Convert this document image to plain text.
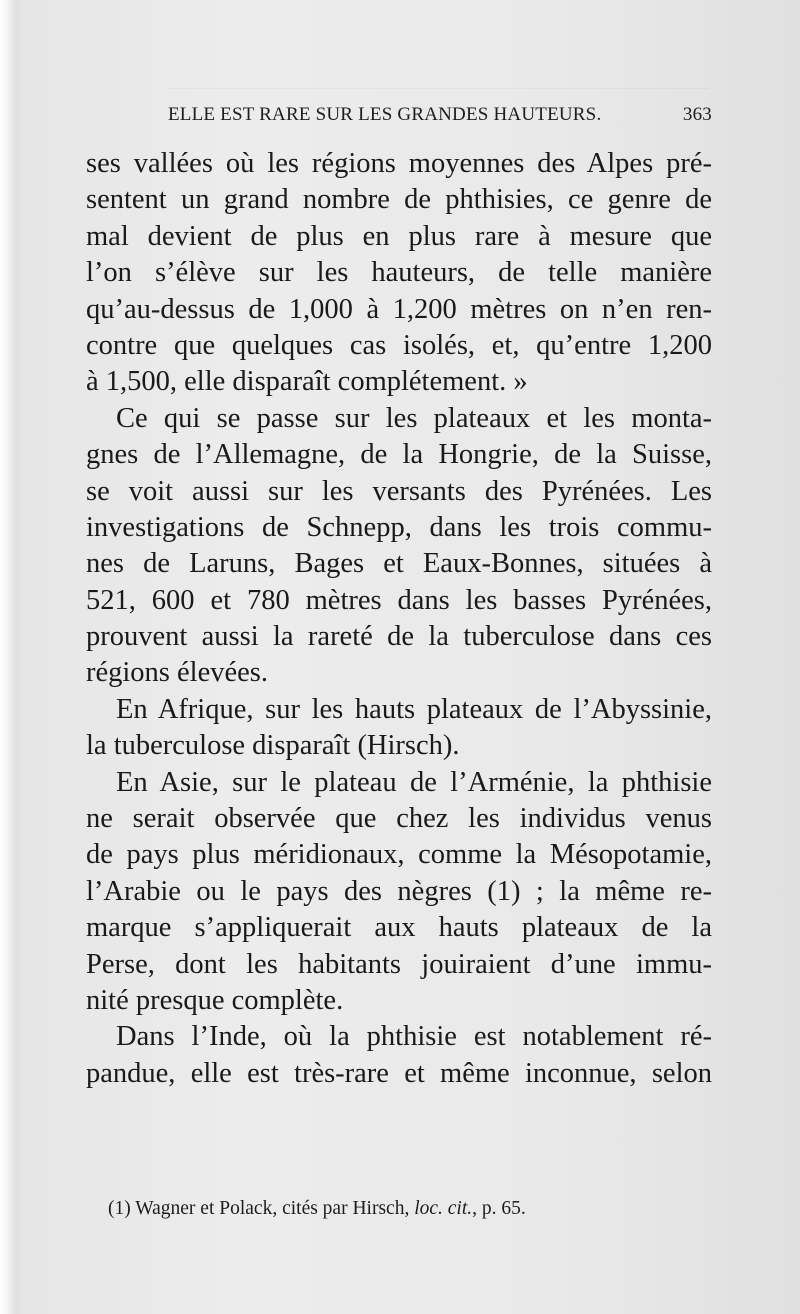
ELLE EST RARE SUR LES GRANDES HAUTEURS.	363
ses vallées où les régions moyennes des Alpes pré-
sentent un grand nombre de phthisies, ce genre de
mal devient de plus en plus rare à mesure que
l’on s’élève sur les hauteurs, de telle manière
qu’au-dessus de 1,000 à 1,200 mètres on n’en ren-
contre que quelques cas isolés, et, qu’entre 1,200
à 1,500, elle disparaît complétement. »
Ce qui se passe sur les plateaux et les monta-
gnes de l’Allemagne, de la Hongrie, de la Suisse,
se voit aussi sur les versants des Pyrénées. Les
investigations de Schnepp, dans les trois commu-
nes de Laruns, Bages et Eaux-Bonnes, situées à
521, 600 et 780 mètres dans les basses Pyrénées,
prouvent aussi la rareté de la tuberculose dans ces
régions élevées.
En Afrique, sur les hauts plateaux de l’Abyssinie,
la tuberculose disparaît (Hirsch).
En Asie, sur le plateau de l’Arménie, la phthisie
ne serait observée que chez les individus venus
de pays plus méridionaux, comme la Mésopotamie,
l’Arabie ou le pays des nègres (1) ; la même re-
marque s’appliquerait aux hauts plateaux de la
Perse, dont les habitants jouiraient d’une immu-
nité presque complète.
Dans l’Inde, où la phthisie est notablement ré-
pandue, elle est très-rare et même inconnue, selon
(1) Wagner et Polack, cités par Hirsch, loc. cit., p. 65.
